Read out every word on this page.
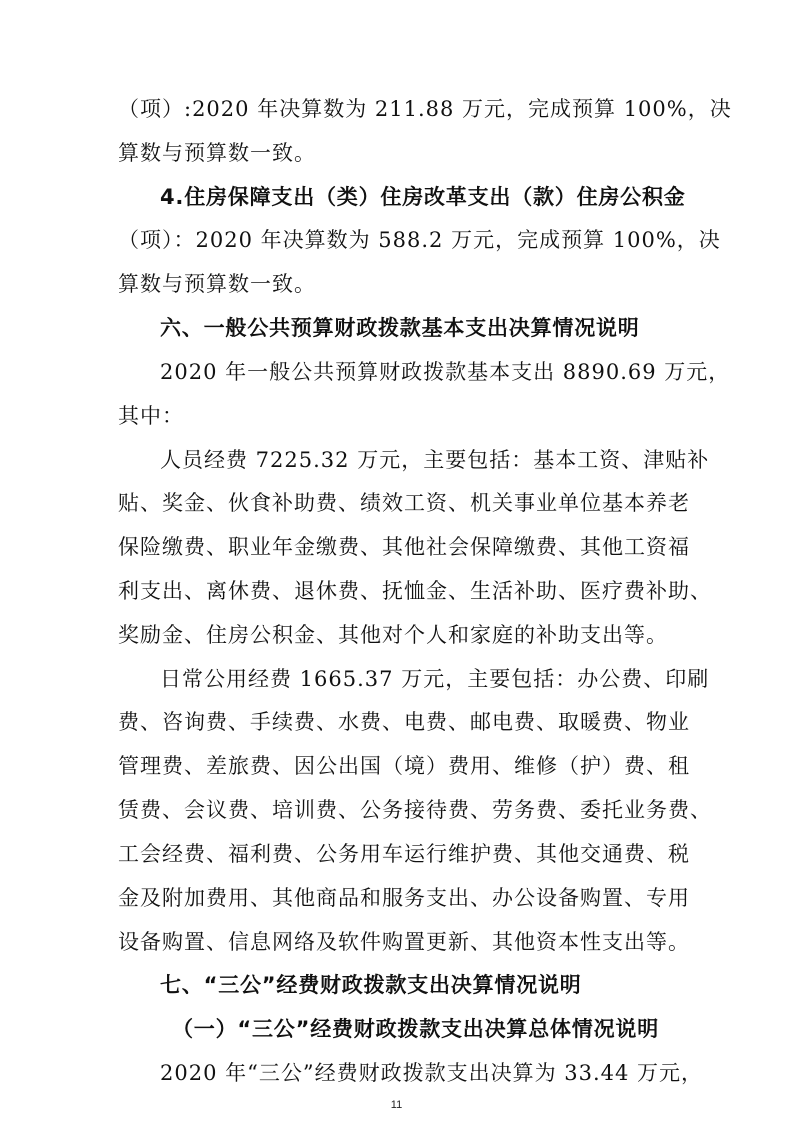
（项）:2020 年决算数为 211.88 万元，完成预算 100%，决
算数与预算数一致。
4.住房保障支出（类）住房改革支出（款）住房公积金
（项）：2020 年决算数为 588.2 万元，完成预算 100%，决
算数与预算数一致。
六、一般公共预算财政拨款基本支出决算情况说明
2020 年一般公共预算财政拨款基本支出 8890.69 万元，
其中：
人员经费 7225.32 万元，主要包括：基本工资、津贴补
贴、奖金、伙食补助费、绩效工资、机关事业单位基本养老
保险缴费、职业年金缴费、其他社会保障缴费、其他工资福
利支出、离休费、退休费、抚恤金、生活补助、医疗费补助、
奖励金、住房公积金、其他对个人和家庭的补助支出等。
日常公用经费 1665.37 万元，主要包括：办公费、印刷
费、咨询费、手续费、水费、电费、邮电费、取暖费、物业
管理费、差旅费、因公出国（境）费用、维修（护）费、租
赁费、会议费、培训费、公务接待费、劳务费、委托业务费、
工会经费、福利费、公务用车运行维护费、其他交通费、税
金及附加费用、其他商品和服务支出、办公设备购置、专用
设备购置、信息网络及软件购置更新、其他资本性支出等。
七、“三公”经费财政拨款支出决算情况说明
（一）“三公”经费财政拨款支出决算总体情况说明
2020 年“三公”经费财政拨款支出决算为 33.44 万元，
11
